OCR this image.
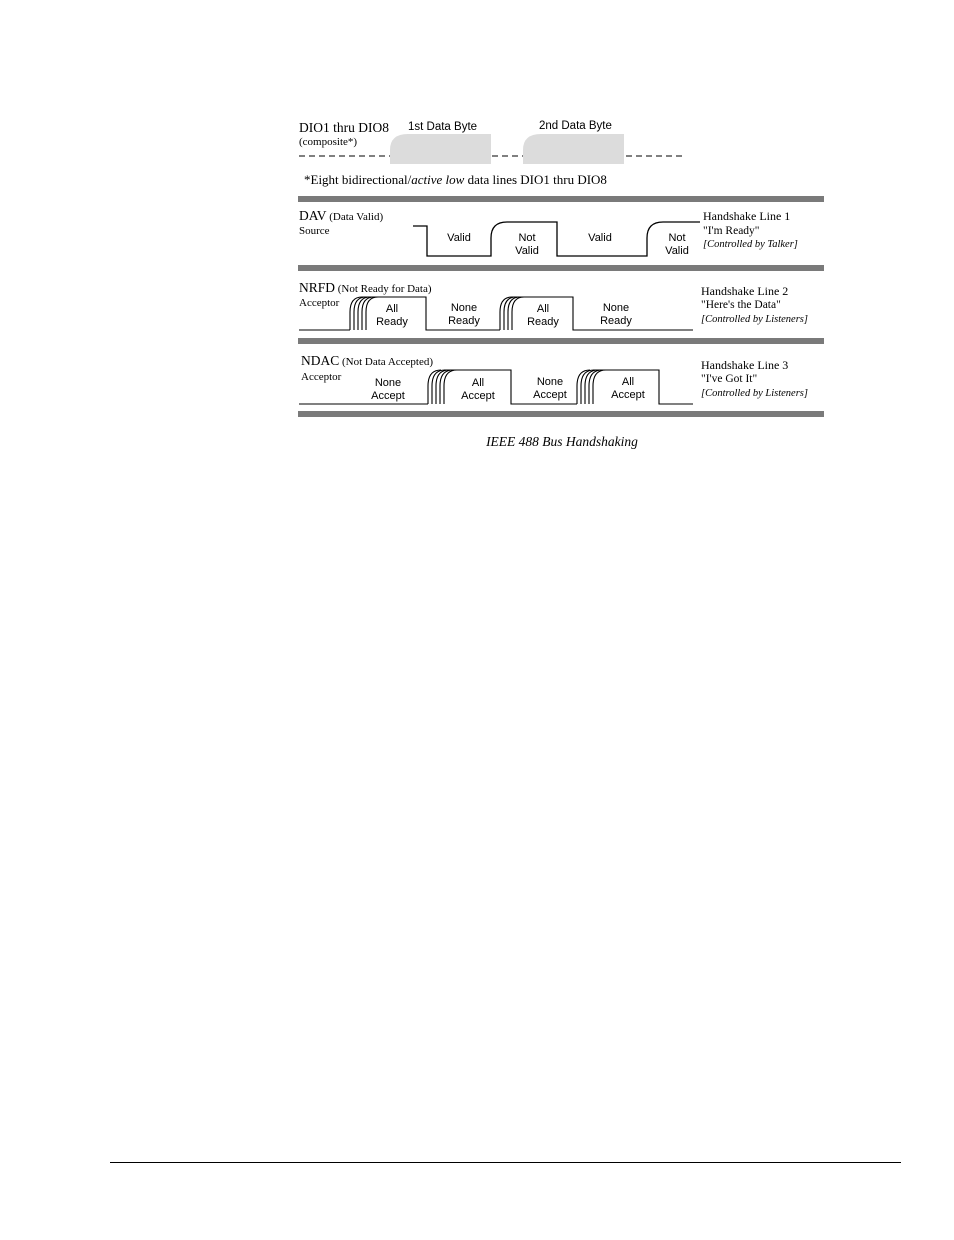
DIO1 thru DIO8
(composite*)
1st Data Byte	2nd Data Byte
*Eight bidirectional/active low data lines DIO1 thru DIO8
DAV (Data Valid)
Source
Valid	Not
Valid
Valid	Not
Valid
Handshake Line 1
"I'm Ready"
[Controlled by Talker]
NRFD (Not Ready for Data)
Acceptor	All
Ready
None
Ready
All
Ready
None
Ready
Handshake Line 2
"Here's the Data"
[Controlled by Listeners]
NDAC (Not Data Accepted)
Acceptor	None
Accept
All
Accept
None
Accept
All
Accept
Handshake Line 3
"I've Got It"
[Controlled by Listeners]
IEEE 488 Bus Handshaking
